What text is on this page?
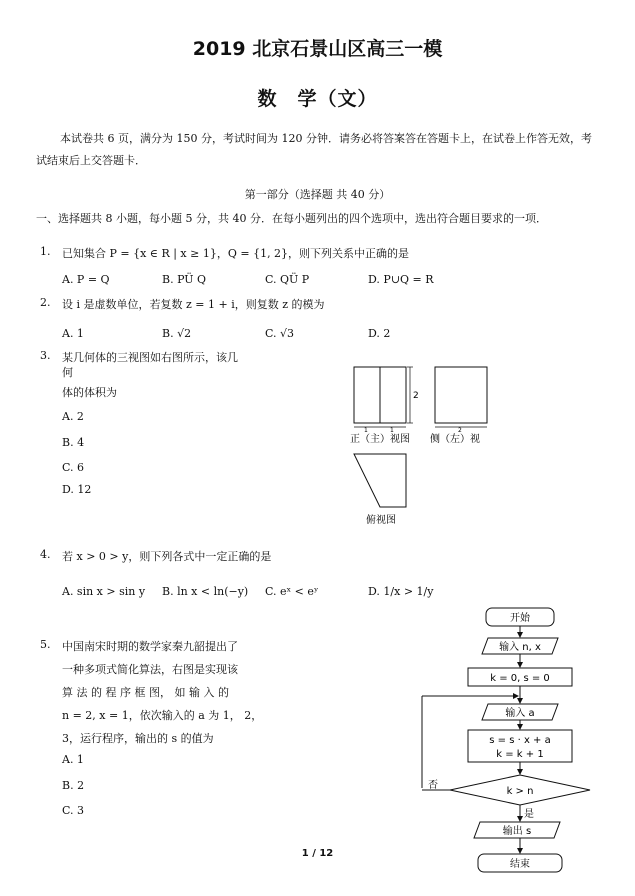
2019 北京石景山区高三一模
数　学（文）
本试卷共 6 页，满分为 150 分，考试时间为 120 分钟．请务必将答案答在答题卡上，在试卷上作答无效，考试结束后上交答题卡．
第一部分（选择题 共 40 分）
一、选择题共 8 小题，每小题 5 分，共 40 分．在每小题列出的四个选项中，选出符合题目要求的一项．
1. 已知集合 P = {x ∈ R | x ≥ 1}，Q = {1, 2}，则下列关系中正确的是
A. P = Q	B. PÜ Q	C. QÜ P	D. P∪Q = R
2. 设 i 是虚数单位，若复数 z = 1 + i，则复数 z 的模为
A. 1	B. √2	C. √3	D. 2
3. 某几何体的三视图如右图所示，该几
何
体的体积为
A. 2
B. 4
C. 6
D. 12
2
1	1
正（主）视图
2
侧（左）视
俯视图
4. 若 x > 0 > y，则下列各式中一定正确的是
A. sin x > sin y B. ln x < ln(−y) C. eˣ < eʸ	D. 1/x > 1/y
5. 中国南宋时期的数学家秦九韶提出了
一种多项式简化算法，右图是实现该
算 法 的 程 序 框 图， 如 输 入 的
n = 2, x = 1，依次输入的 a 为 1， 2，
3，运行程序，输出的 s 的值为
A. 1
B. 2
C. 3
开始
输入 n, x
k = 0, s = 0
输入 a
s = s · x + a
k = k + 1
k > n
否
是
输出 s
结束
1 / 12
